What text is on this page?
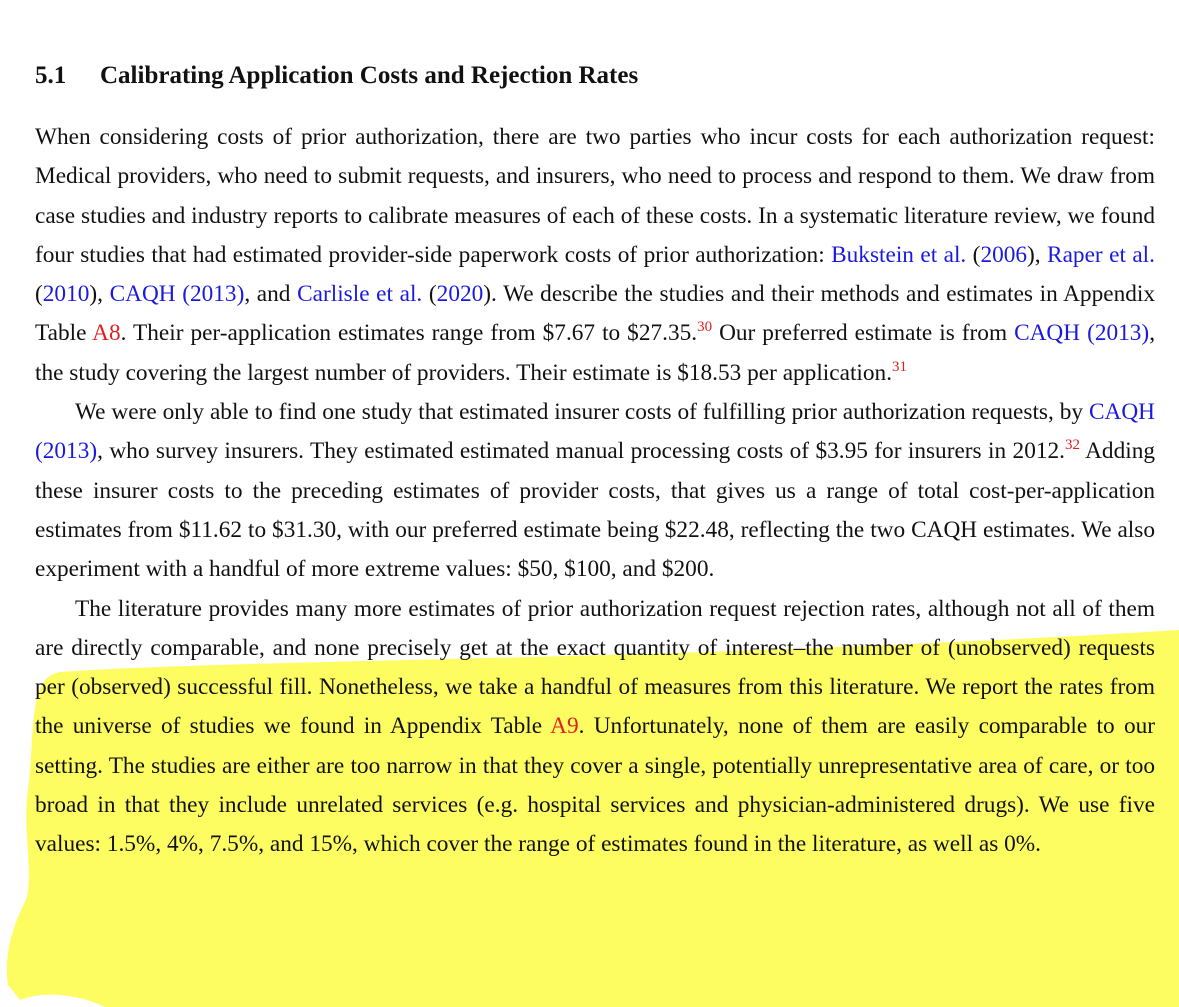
5.1 Calibrating Application Costs and Rejection Rates

When considering costs of prior authorization, there are two parties who incur costs for each authorization request: Medical providers, who need to submit requests, and insurers, who need to process and respond to them. We draw from case studies and industry reports to calibrate measures of each of these costs. In a systematic literature review, we found four studies that had estimated provider-side paperwork costs of prior authorization: Bukstein et al. (2006), Raper et al. (2010), CAQH (2013), and Carlisle et al. (2020). We describe the studies and their methods and estimates in Appendix Table A8. Their per-application estimates range from $7.67 to $27.35.30 Our preferred estimate is from CAQH (2013), the study covering the largest number of providers. Their estimate is $18.53 per application.$^{31}$

We were only able to find one study that estimated insurer costs of fulfilling prior authorization requests, by CAQH (2013), who survey insurers. They estimated estimated manual processing costs of $3.95 for insurers in 2012.32 Adding these insurer costs to the preceding estimates of provider costs, that gives us a range of total cost-per-application estimates from $11.62 to $31.30, with our preferred estimate being $22.48, reflecting the two CAQH estimates. We also experiment with a handful of more extreme values: $50, $100, and $200.

The literature provides many more estimates of prior authorization request rejection rates, although not all of them are directly comparable, and none precisely get at the exact quantity of interest–the number of (unobserved) requests per (observed) successful fill. Nonetheless, we take a handful of measures from this literature. We report the rates from the universe of studies we found in Appendix Table A9. Unfortunately, none of them are easily comparable to our setting. The studies are either are too narrow in that they cover a single, potentially unrepresentative area of care, or too broad in that they include unrelated services (e.g. hospital services and physician-administered drugs). We use five values: 1.5%, 4%, 7.5%, and 15%, which cover the range of estimates found in the literature, as well as 0%.
